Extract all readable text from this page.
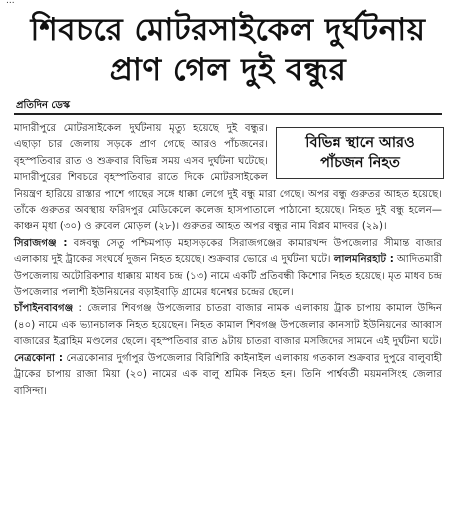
...
শিবচরে মোটরসাইকেল দুর্ঘটনায়
প্রাণ গেল দুই বন্ধুর
প্রতিদিন ডেস্ক

বিভিন্ন স্থানে আরও
পাঁচজন নিহত
মাদারীপুরে মোটরসাইকেল দুর্ঘটনায় মৃত্যু হয়েছে দুই বন্ধুর। এছাড়া চার জেলায় সড়কে প্রাণ গেছে আরও পাঁচজনের। বৃহস্পতিবার রাত ও শুক্রবার বিভিন্ন সময় এসব দুর্ঘটনা ঘটেছে। মাদারীপুরের শিবচরে বৃহস্পতিবার রাতে দিকে মোটরসাইকেল নিয়ন্ত্রণ হারিয়ে রাস্তার পাশে গাছের সঙ্গে ধাক্কা লেগে দুই বন্ধু মারা গেছে। অপর বন্ধু গুরুতর আহত হয়েছে। তাঁকে গুরুতর অবস্থায় ফরিদপুর মেডিকেলে কলেজ হাসপাতালে পাঠানো হয়েছে। নিহত দুই বন্ধু হলেন— কাঞ্চন মৃধা (৩০) ও রুবেল মোড়ল (২৮)। গুরুতর আহত অপর বন্ধুর নাম বিপ্লব মাদবর (২৯)।

সিরাজগঞ্জ : বঙ্গবন্ধু সেতু পশ্চিমপাড় মহাসড়কের সিরাজগঞ্জের কামারখন্দ উপজেলার সীমান্ত বাজার এলাকায় দুই ট্রাকের সংঘর্ষে দুজন নিহত হয়েছে। শুক্রবার ভোরে এ দুর্ঘটনা ঘটে। লালমনিরহাট : আদিতমারী উপজেলায় অটোরিকশার ধাক্কায় মাধব চন্দ্র (১৩) নামে একটি প্রতিবন্ধী কিশোর নিহত হয়েছে। মৃত মাধব চন্দ্র উপজেলার পলাশী ইউনিয়নের বড়াইবাড়ি গ্রামের ধনেশ্বর চন্দ্রের ছেলে।

চাঁপাইনবাবগঞ্জ : জেলার শিবগঞ্জ উপজেলার চাতরা বাজার নামক এলাকায় ট্রাক চাপায় কামাল উদ্দিন (৪০) নামে এক ভ্যানচালক নিহত হয়েছেন। নিহত কামাল শিবগঞ্জ উপজেলার কানসাট ইউনিয়নের আব্বাস বাজারের ইব্রাহিম মণ্ডলের ছেলে। বৃহস্পতিবার রাত ৯টায় চাতরা বাজার মসজিদের সামনে এই দুর্ঘটনা ঘটে। নেত্রকোনা : নেত্রকোনার দুর্গাপুর উপজেলার বিরিশিরি কাইনাইল এলাকায় গতকাল শুক্রবার দুপুরে বালুবাহী ট্রাকের চাপায় রাজা মিয়া (২০) নামের এক বালু শ্রমিক নিহত হন। তিনি পার্শ্ববর্তী ময়মনসিংহ জেলার বাসিন্দা।
